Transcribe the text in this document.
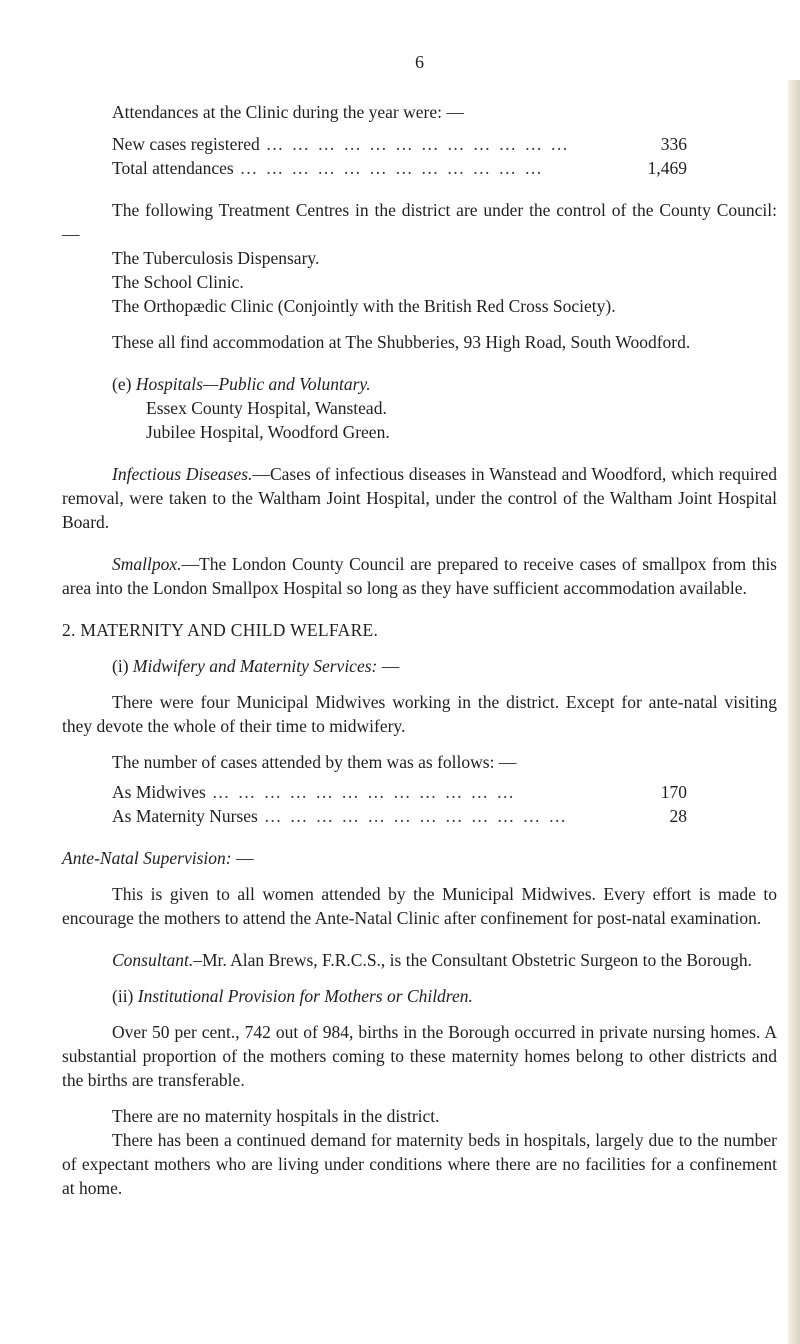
6

Attendances at the Clinic during the year were: —

New cases registered … … … … … … … … … … … …	336
Total attendances … … … … … … … … … … … …	1,469

The following Treatment Centres in the district are under the control of the County Council: —

The Tuberculosis Dispensary.

The School Clinic.

The Orthopædic Clinic (Conjointly with the British Red Cross Society).

These all find accommodation at The Shubberies, 93 High Road, South Woodford.

(e) Hospitals—Public and Voluntary.

Essex County Hospital, Wanstead.

Jubilee Hospital, Woodford Green.

Infectious Diseases.—Cases of infectious diseases in Wanstead and Woodford, which required removal, were taken to the Waltham Joint Hospital, under the control of the Waltham Joint Hospital Board.

Smallpox.—The London County Council are prepared to receive cases of smallpox from this area into the London Smallpox Hospital so long as they have sufficient accommodation available.

2. MATERNITY AND CHILD WELFARE.

(i) Midwifery and Maternity Services: —

There were four Municipal Midwives working in the district. Except for ante-natal visiting they devote the whole of their time to midwifery.

The number of cases attended by them was as follows: —

As Midwives … … … … … … … … … … … …	170
As Maternity Nurses … … … … … … … … … … … …	28

Ante-Natal Supervision: —

This is given to all women attended by the Municipal Midwives. Every effort is made to encourage the mothers to attend the Ante-Natal Clinic after confinement for post-natal examination.

Consultant.–Mr. Alan Brews, F.R.C.S., is the Consultant Obstetric Surgeon to the Borough.

(ii) Institutional Provision for Mothers or Children.

Over 50 per cent., 742 out of 984, births in the Borough occurred in private nursing homes. A substantial proportion of the mothers coming to these maternity homes belong to other districts and the births are transferable.

There are no maternity hospitals in the district.

There has been a continued demand for maternity beds in hospitals, largely due to the number of expectant mothers who are living under conditions where there are no facilities for a confinement at home.
